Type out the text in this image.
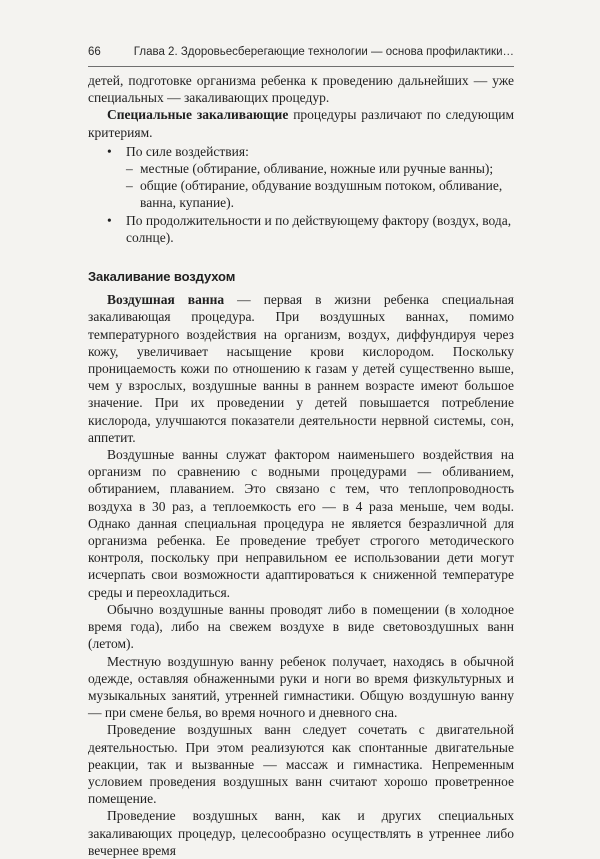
66	Глава 2. Здоровьесберегающие технологии — основа профилактики…

детей, подготовке организма ребенка к проведению дальнейших — уже специальных — закаливающих процедур.

Специальные закаливающие процедуры различают по следующим критериям.

• По силе воздействия:
– местные (обтирание, обливание, ножные или ручные ванны);
– общие (обтирание, обдувание воздушным потоком, обливание, ванна, купание).
• По продолжительности и по действующему фактору (воздух, вода, солнце).
Закаливание воздухом

Воздушная ванна — первая в жизни ребенка специальная закаливающая процедура. При воздушных ваннах, помимо температурного воздействия на организм, воздух, диффундируя через кожу, увеличивает насыщение крови кислородом. Поскольку проницаемость кожи по отношению к газам у детей существенно выше, чем у взрослых, воздушные ванны в раннем возрасте имеют большое значение. При их проведении у детей повышается потребление кислорода, улучшаются показатели деятельности нервной системы, сон, аппетит.

Воздушные ванны служат фактором наименьшего воздействия на организм по сравнению с водными процедурами — обливанием, обтиранием, плаванием. Это связано с тем, что теплопроводность воздуха в 30 раз, а теплоемкость его — в 4 раза меньше, чем воды. Однако данная специальная процедура не является безразличной для организма ребенка. Ее проведение требует строгого методического контроля, поскольку при неправильном ее использовании дети могут исчерпать свои возможности адаптироваться к сниженной температуре среды и переохладиться.

Обычно воздушные ванны проводят либо в помещении (в холодное время года), либо на свежем воздухе в виде световоздушных ванн (летом).

Местную воздушную ванну ребенок получает, находясь в обычной одежде, оставляя обнаженными руки и ноги во время физкультурных и музыкальных занятий, утренней гимнастики. Общую воздушную ванну — при смене белья, во время ночного и дневного сна.

Проведение воздушных ванн следует сочетать с двигательной деятельностью. При этом реализуются как спонтанные двигательные реакции, так и вызванные — массаж и гимнастика. Непременным условием проведения воздушных ванн считают хорошо проветренное помещение.

Проведение воздушных ванн, как и других специальных закаливающих процедур, целесообразно осуществлять в утреннее либо вечернее время
